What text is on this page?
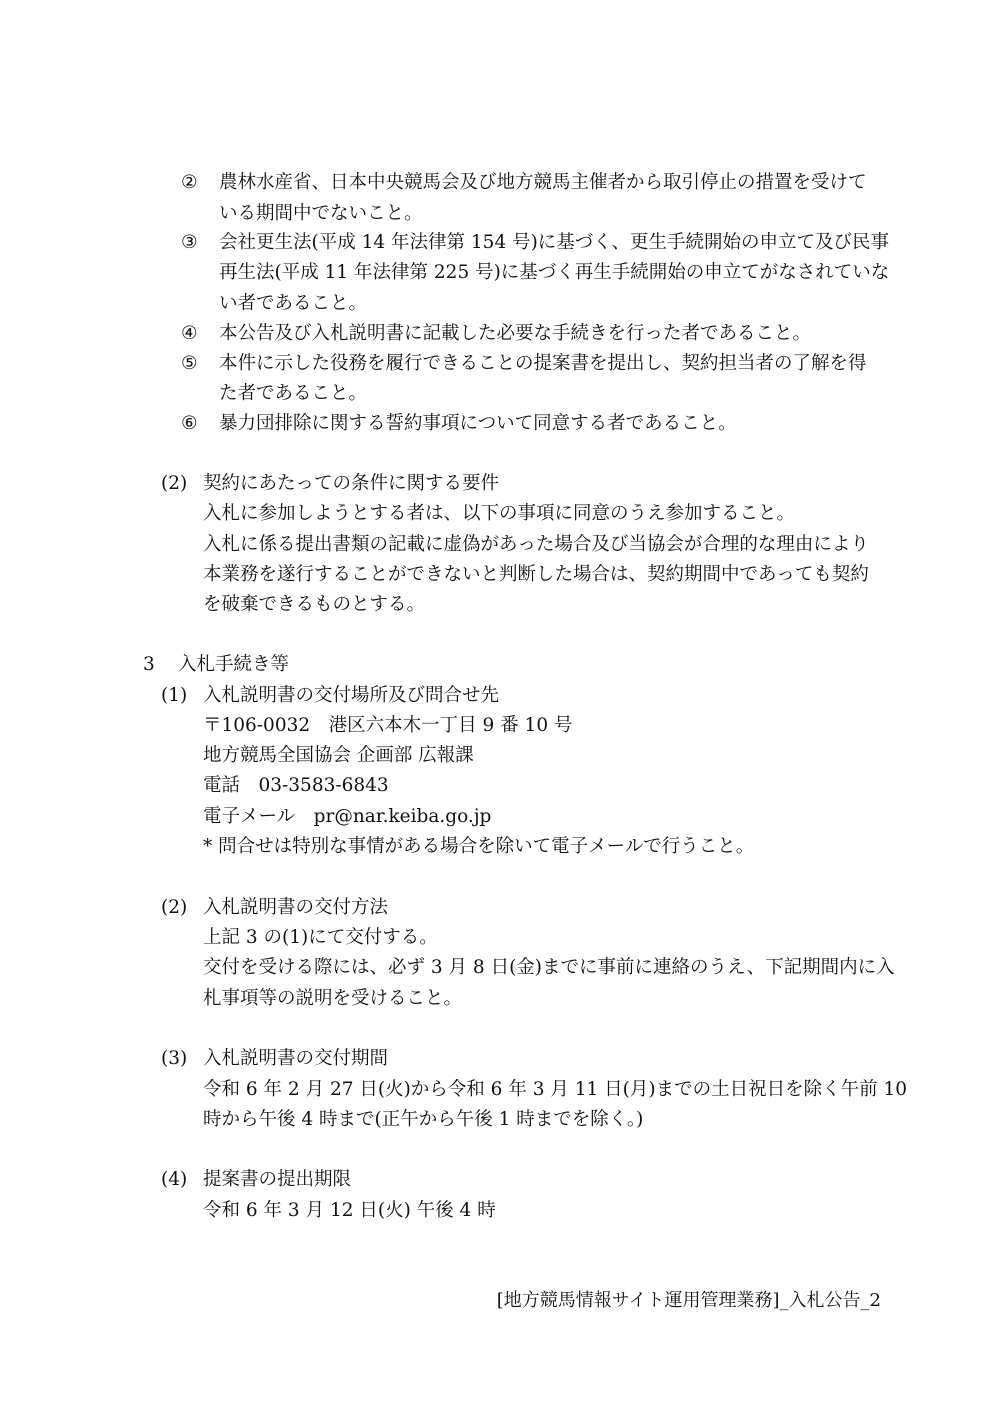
② 農林水産省、日本中央競馬会及び地方競馬主催者から取引停止の措置を受けて
いる期間中でないこと。
③ 会社更生法(平成 14 年法律第 154 号)に基づく、更生手続開始の申立て及び民事
再生法(平成 11 年法律第 225 号)に基づく再生手続開始の申立てがなされていな
い者であること。
④ 本公告及び入札説明書に記載した必要な手続きを行った者であること。
⑤ 本件に示した役務を履行できることの提案書を提出し、契約担当者の了解を得
た者であること。
⑥ 暴力団排除に関する誓約事項について同意する者であること。
(2) 契約にあたっての条件に関する要件
入札に参加しようとする者は、以下の事項に同意のうえ参加すること。
入札に係る提出書類の記載に虚偽があった場合及び当協会が合理的な理由により
本業務を遂行することができないと判断した場合は、契約期間中であっても契約
を破棄できるものとする。
3 入札手続き等
(1) 入札説明書の交付場所及び問合せ先
〒106-0032　港区六本木一丁目 9 番 10 号
地方競馬全国協会 企画部 広報課
電話　03-3583-6843
電子メール　pr@nar.keiba.go.jp
* 問合せは特別な事情がある場合を除いて電子メールで行うこと。
(2) 入札説明書の交付方法
上記 3 の(1)にて交付する。
交付を受ける際には、必ず 3 月 8 日(金)までに事前に連絡のうえ、下記期間内に入
札事項等の説明を受けること。
(3) 入札説明書の交付期間
令和 6 年 2 月 27 日(火)から令和 6 年 3 月 11 日(月)までの土日祝日を除く午前 10
時から午後 4 時まで(正午から午後 1 時までを除く。)
(4) 提案書の提出期限
令和 6 年 3 月 12 日(火) 午後 4 時
[地方競馬情報サイト運用管理業務]_入札公告_2
